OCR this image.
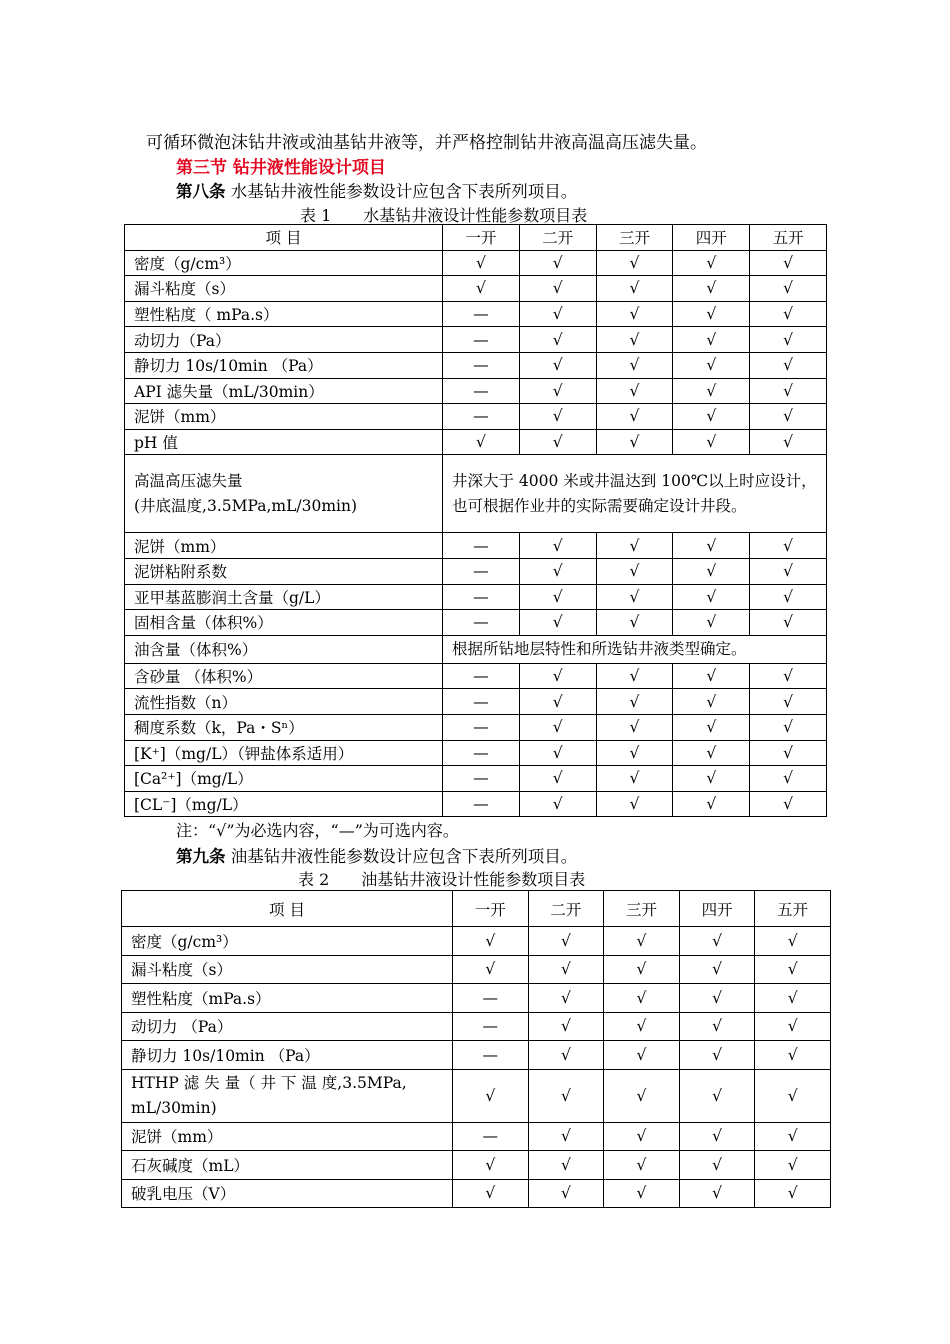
可循环微泡沫钻井液或油基钻井液等，并严格控制钻井液高温高压滤失量。
第三节 钻井液性能设计项目
第八条 水基钻井液性能参数设计应包含下表所列项目。
表 1　　水基钻井液设计性能参数项目表
项 目	一开	二开	三开	四开	五开
密度（g/cm³）	√	√	√	√	√
漏斗粘度（s）	√	√	√	√	√
塑性粘度（ mPa.s）	—	√	√	√	√
动切力（Pa）	—	√	√	√	√
静切力 10s/10min （Pa）	—	√	√	√	√
API 滤失量（mL/30min）	—	√	√	√	√
泥饼（mm）	—	√	√	√	√
pH 值	√	√	√	√	√

高温高压滤失量
(井底温度,3.5MPa,mL/30min)	井深大于 4000 米或井温达到 100℃以上时应设计，也可根据作业井的实际需要确定设计井段。				
泥饼（mm）	—	√	√	√	√
泥饼粘附系数	—	√	√	√	√
亚甲基蓝膨润土含量（g/L）	—	√	√	√	√
固相含量（体积%）	—	√	√	√	√
油含量（体积%）	根据所钻地层特性和所选钻井液类型确定。				
含砂量 （体积%）	—	√	√	√	√
流性指数（n）	—	√	√	√	√
稠度系数（k，Pa・Sⁿ）	—	√	√	√	√
[K⁺]（mg/L）（钾盐体系适用）	—	√	√	√	√
[Ca²⁺]（mg/L）	—	√	√	√	√
[CL⁻]（mg/L）	—	√	√	√	√
注：“√”为必选内容，“—”为可选内容。
第九条 油基钻井液性能参数设计应包含下表所列项目。
表 2　　油基钻井液设计性能参数项目表
项 目	一开	二开	三开	四开	五开
密度（g/cm³）	√	√	√	√	√
漏斗粘度（s）	√	√	√	√	√
塑性粘度（mPa.s）	—	√	√	√	√
动切力 （Pa）	—	√	√	√	√
静切力 10s/10min （Pa）	—	√	√	√	√

HTHP 滤 失 量（ 井 下 温 度,3.5MPa,
mL/30min)	√	√	√	√	√
泥饼（mm）	—	√	√	√	√
石灰碱度（mL）	√	√	√	√	√
破乳电压（V）	√	√	√	√	√
